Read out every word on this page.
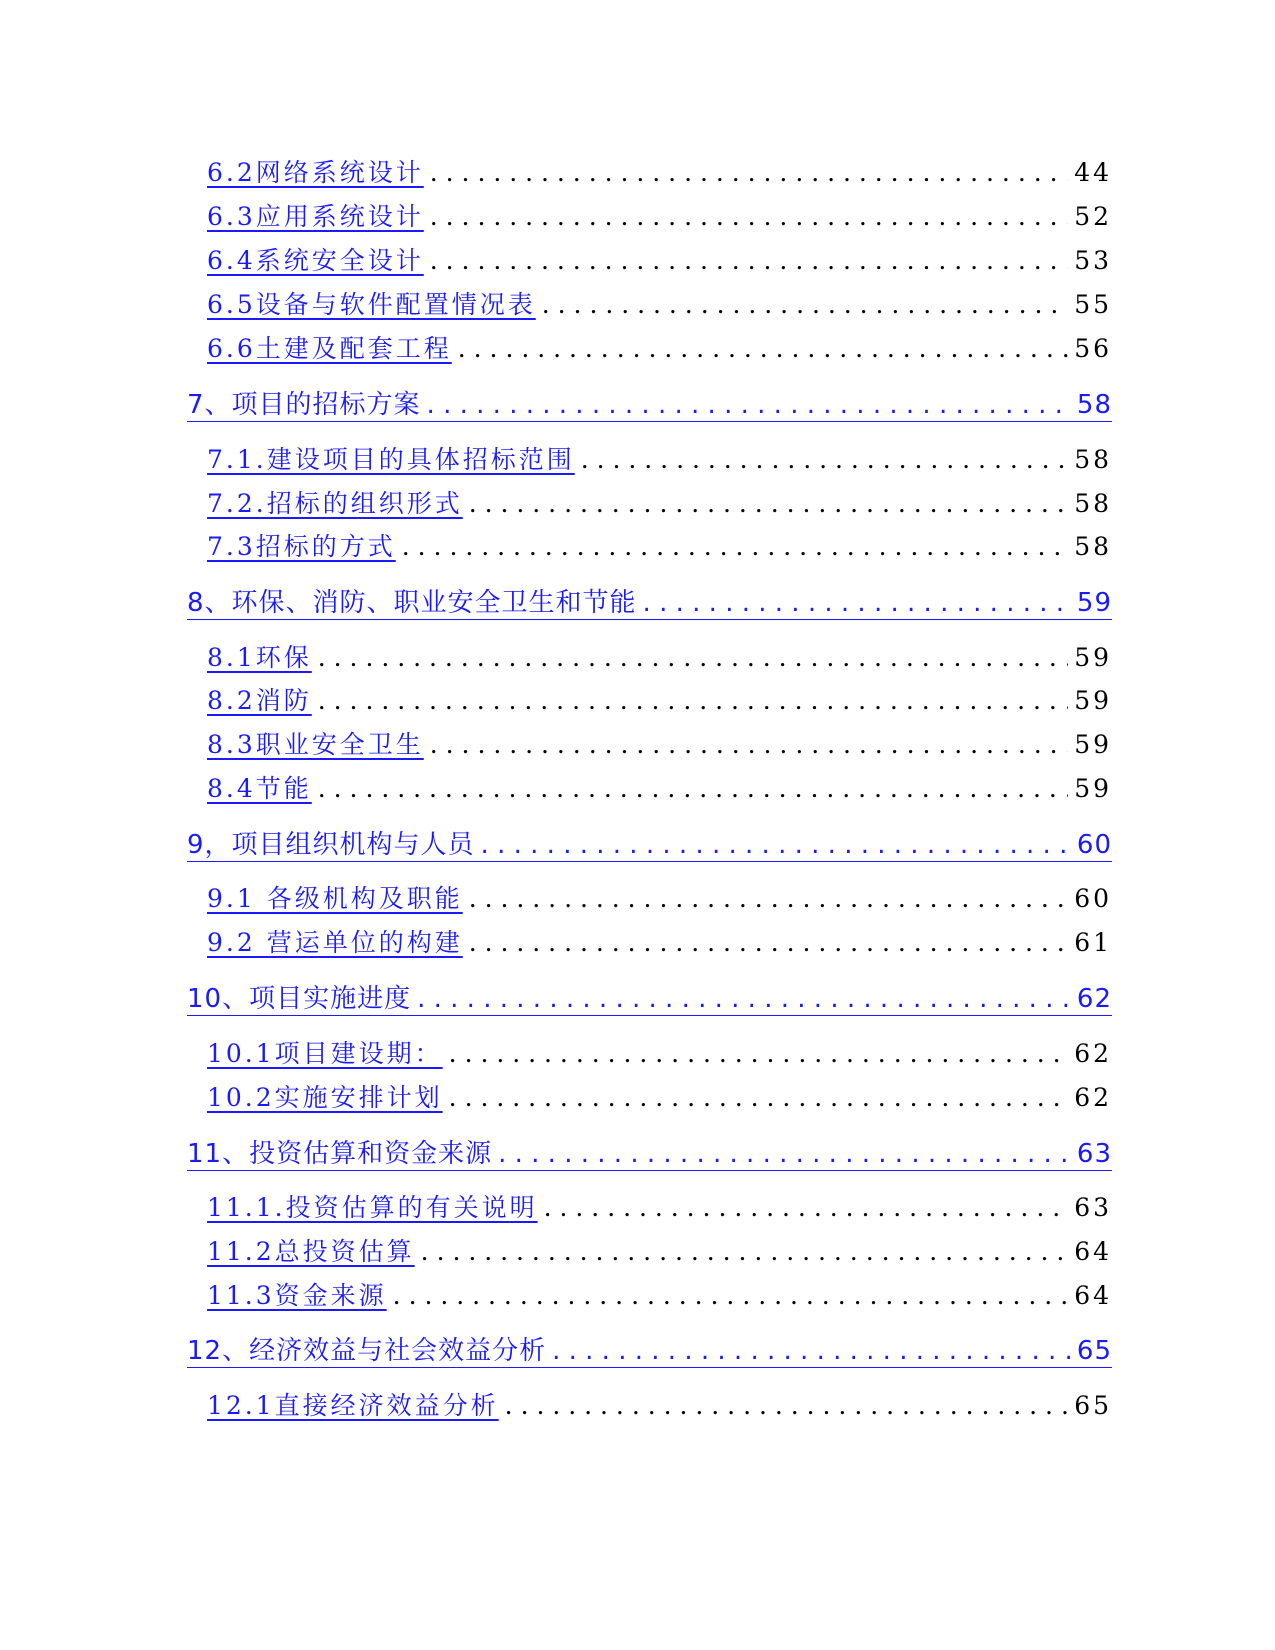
6.2网络系统设计 . . .	44
6.3应用系统设计 . . .	52
6.4系统安全设计 . . .	53
6.5设备与软件配置情况表 . . .	55
6.6土建及配套工程 . . .	56
7、项目的招标方案 . . .	58
7.1.建设项目的具体招标范围 . . .	58
7.2.招标的组织形式 . . .	58
7.3招标的方式 . . .	58
8、环保、消防、职业安全卫生和节能 . . .	59
8.1环保 . . .	59
8.2消防 . . .	59
8.3职业安全卫生 . . .	59
8.4节能 . . .	59
9，项目组织机构与人员 . . .	60
9.1 各级机构及职能 . . .	60
9.2 营运单位的构建 . . .	61
10、项目实施进度 . . .	62
10.1项目建设期： . . .	62
10.2实施安排计划 . . .	62
11、投资估算和资金来源 . . .	63
11.1.投资估算的有关说明 . . .	63
11.2总投资估算 . . .	64
11.3资金来源 . . .	64
12、经济效益与社会效益分析 . . .	65
12.1直接经济效益分析 . . .	65
